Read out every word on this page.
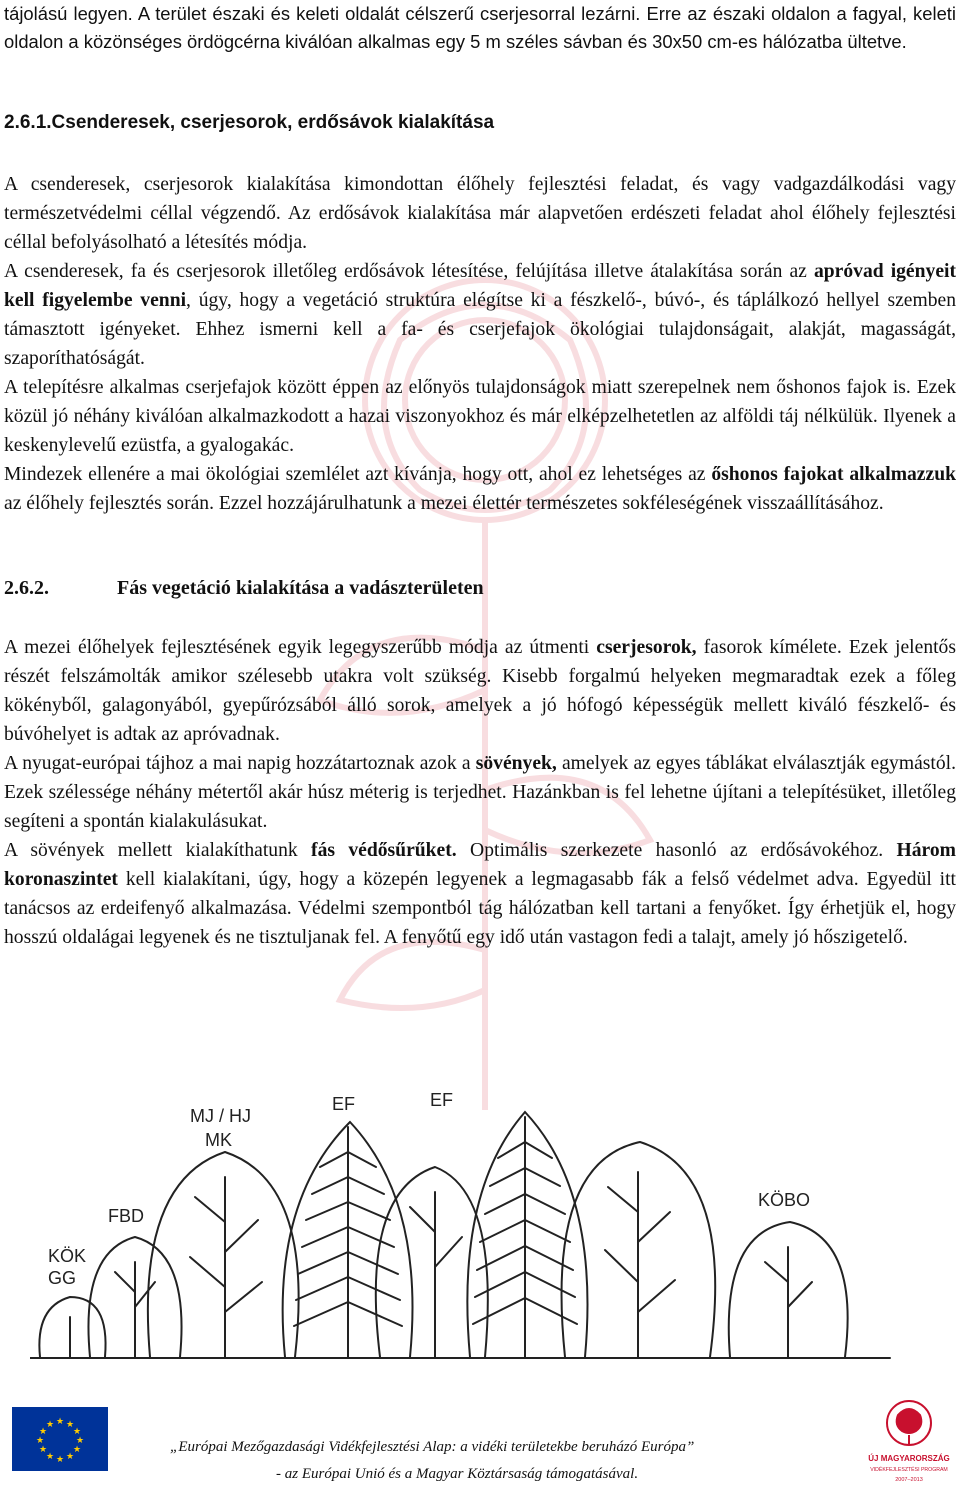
tájolású legyen. A terület északi és keleti oldalát célszerű cserjesorral lezárni. Erre az északi oldalon a fagyal, keleti oldalon a közönséges ördögcérna kiválóan alkalmas egy 5 m széles sávban és 30x50 cm-es hálózatba ültetve.

2.6.1.Csenderesek, cserjesorok, erdősávok kialakítása

A csenderesek, cserjesorok kialakítása kimondottan élőhely fejlesztési feladat, és vagy vadgazdálkodási vagy természetvédelmi céllal végzendő. Az erdősávok kialakítása már alapvetően erdészeti feladat ahol élőhely fejlesztési céllal befolyásolható a létesítés módja.

A csenderesek, fa és cserjesorok illetőleg erdősávok létesítése, felújítása illetve átalakítása során az apróvad igényeit kell figyelembe venni, úgy, hogy a vegetáció struktúra elégítse ki a fészkelő-, búvó-, és táplálkozó hellyel szemben támasztott igényeket. Ehhez ismerni kell a fa- és cserjefajok ökológiai tulajdonságait, alakját, magasságát, szaporíthatóságát.

A telepítésre alkalmas cserjefajok között éppen az előnyös tulajdonságok miatt szerepelnek nem őshonos fajok is. Ezek közül jó néhány kiválóan alkalmazkodott a hazai viszonyokhoz és már elképzelhetetlen az alföldi táj nélkülük. Ilyenek a keskenylevelű ezüstfa, a gyalogakác.

Mindezek ellenére a mai ökológiai szemlélet azt kívánja, hogy ott, ahol ez lehetséges az őshonos fajokat alkalmazzuk az élőhely fejlesztés során. Ezzel hozzájárulhatunk a mezei élettér természetes sokféleségének visszaállításához.

2.6.2.	Fás vegetáció kialakítása a vadászterületen

A mezei élőhelyek fejlesztésének egyik legegyszerűbb módja az útmenti cserjesorok, fasorok kímélete. Ezek jelentős részét felszámolták amikor szélesebb utakra volt szükség. Kisebb forgalmú helyeken megmaradtak ezek a főleg kökényből, galagonyából, gyepűrózsából álló sorok, amelyek a jó hófogó képességük mellett kiváló fészkelő- és búvóhelyet is adtak az apróvadnak.

A nyugat-európai tájhoz a mai napig hozzátartoznak azok a sövények, amelyek az egyes táblákat elválasztják egymástól. Ezek szélessége néhány métertől akár húsz méterig is terjedhet. Hazánkban is fel lehetne újítani a telepítésüket, illetőleg segíteni a spontán kialakulásukat.

A sövények mellett kialakíthatunk fás védősűrűket. Optimális szerkezete hasonló az erdősávokéhoz. Három koronaszintet kell kialakítani, úgy, hogy a közepén legyenek a legmagasabb fák a felső védelmet adva. Egyedül itt tanácsos az erdeifenyő alkalmazása. Védelmi szempontból tág hálózatban kell tartani a fenyőket. Így érhetjük el, hogy hosszú oldalágai legyenek és ne tisztuljanak fel. A fenyőtű egy idő után vastagon fedi a talajt, amely jó hőszigetelő.

KÖK
GG
FBD
MJ / HJ
MK
EF	EF
KÖBO
★ ★
★
★
★
★
★
★
★
★
★
★
„Európai Mezőgazdasági Vidékfejlesztési Alap: a vidéki területekbe beruházó Európa”
- az Európai Unió és a Magyar Köztársaság támogatásával.
ÚJ MAGYARORSZÁG
VIDÉKFEJLESZTÉSI PROGRAM
2007–2013
